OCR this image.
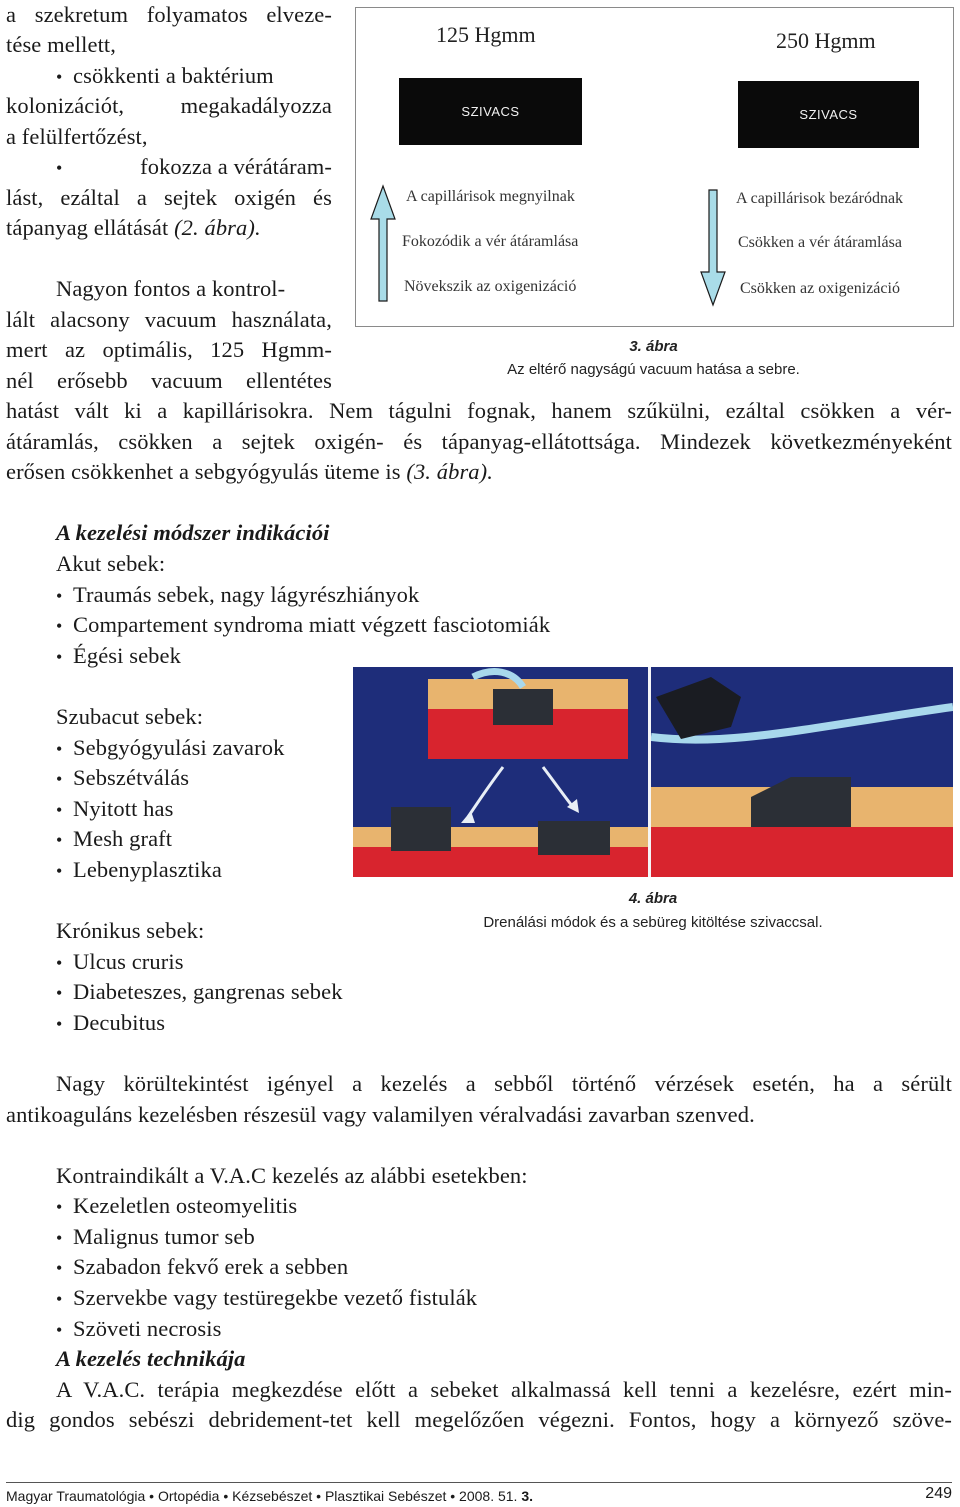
a szekretum folyamatos elveze-
tése mellett,
• csökkenti a baktérium
kolonizációt, megakadályozza
a felülfertőzést,
•
fokozza a vérátáram-
lást, ezáltal a sejtek oxigén és
tápanyag ellátását (2. ábra).
Nagyon fontos a kontrol-
lált alacsony vacuum használata,
mert az optimális, 125 Hgmm-
nél erősebb vacuum ellentétes
125 Hgmm	250 Hgmm
SZIVACS	SZIVACS
A capillárisok megnyilnak
Fokozódik a vér átáramlása
Növekszik az oxigenizáció
A capillárisok bezáródnak
Csökken a vér átáramlása
Csökken az oxigenizáció
3. ábra
Az eltérő nagyságú vacuum hatása a sebre.
hatást vált ki a kapillárisokra. Nem tágulni fognak, hanem szűkülni, ezáltal csökken a vér-
átáramlás, csökken a sejtek oxigén- és tápanyag-ellátottsága. Mindezek következményeként
erősen csökkenhet a sebgyógyulás üteme is (3. ábra).
A kezelési módszer indikációi
Akut sebek:
• Traumás sebek, nagy lágyrészhiányok
• Compartement syndroma miatt végzett fasciotomiák
• Égési sebek
Szubacut sebek:
• Sebgyógyulási zavarok
• Sebszétválás
• Nyitott has
• Mesh graft
• Lebenyplasztika
Krónikus sebek:
• Ulcus cruris
• Diabeteszes, gangrenas sebek
• Decubitus
4. ábra
Drenálási módok és a sebüreg kitöltése szivaccsal.
Nagy körültekintést igényel a kezelés a sebből történő vérzések esetén, ha a sérült
antikoaguláns kezelésben részesül vagy valamilyen véralvadási zavarban szenved.
Kontraindikált a V.A.C kezelés az alábbi esetekben:
• Kezeletlen osteomyelitis
• Malignus tumor seb
• Szabadon fekvő erek a sebben
• Szervekbe vagy testüregekbe vezető fistulák
• Szöveti necrosis
A kezelés technikája
A V.A.C. terápia megkezdése előtt a sebeket alkalmassá kell tenni a kezelésre, ezért min-
dig gondos sebészi debridement-tet kell megelőzően végezni. Fontos, hogy a környező szöve-
Magyar Traumatológia • Ortopédia • Kézsebészet • Plasztikai Sebészet • 2008. 51. 3.	249
